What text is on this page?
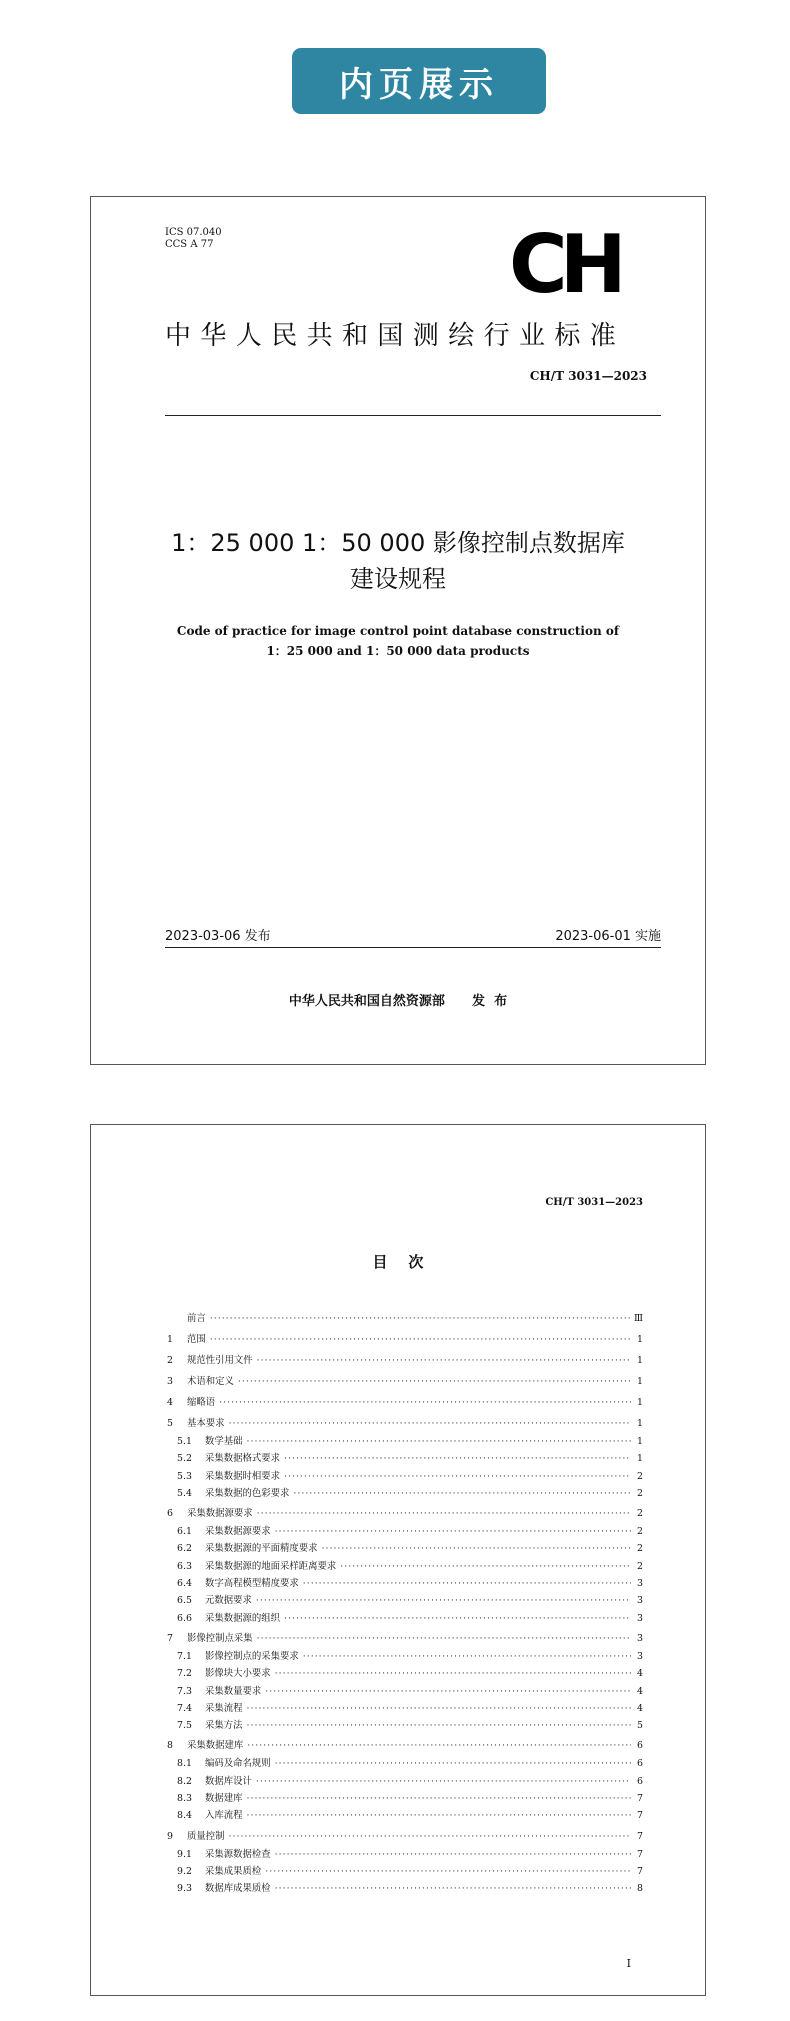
内页展示
ICS 07.040
CCS A 77	CH
中华人民共和国测绘行业标准
CH/T 3031—2023
1：25 000 1：50 000 影像控制点数据库
建设规程
Code of practice for image control point database construction of
1：25 000 and 1：50 000 data products
2023-03-06 发布	2023-06-01 实施
中华人民共和国自然资源部      发  布
CH/T 3031—2023
目    次
前言 ·····	Ⅲ
1	范围 ·····	1
2	规范性引用文件 ·····	1
3	术语和定义 ·····	1
4	缩略语 ·····	1
5	基本要求 ·····	1
5.1	数学基础 ·····	1
5.2	采集数据格式要求 ·····	1
5.3	采集数据时相要求 ·····	2
5.4	采集数据的色彩要求 ·····	2
6	采集数据源要求 ·····	2
6.1	采集数据源要求 ·····	2
6.2	采集数据源的平面精度要求 ·····	2
6.3	采集数据源的地面采样距离要求 ·····	2
6.4	数字高程模型精度要求 ·····	3
6.5	元数据要求 ·····	3
6.6	采集数据源的组织 ·····	3
7	影像控制点采集 ·····	3
7.1	影像控制点的采集要求 ·····	3
7.2	影像块大小要求 ·····	4
7.3	采集数量要求 ·····	4
7.4	采集流程 ·····	4
7.5	采集方法 ·····	5
8	采集数据建库 ·····	6
8.1	编码及命名规则 ·····	6
8.2	数据库设计 ·····	6
8.3	数据建库 ·····	7
8.4	入库流程 ·····	7
9	质量控制 ·····	7
9.1	采集源数据检查 ·····	7
9.2	采集成果质检 ·····	7
9.3	数据库成果质检 ·····	8
I
